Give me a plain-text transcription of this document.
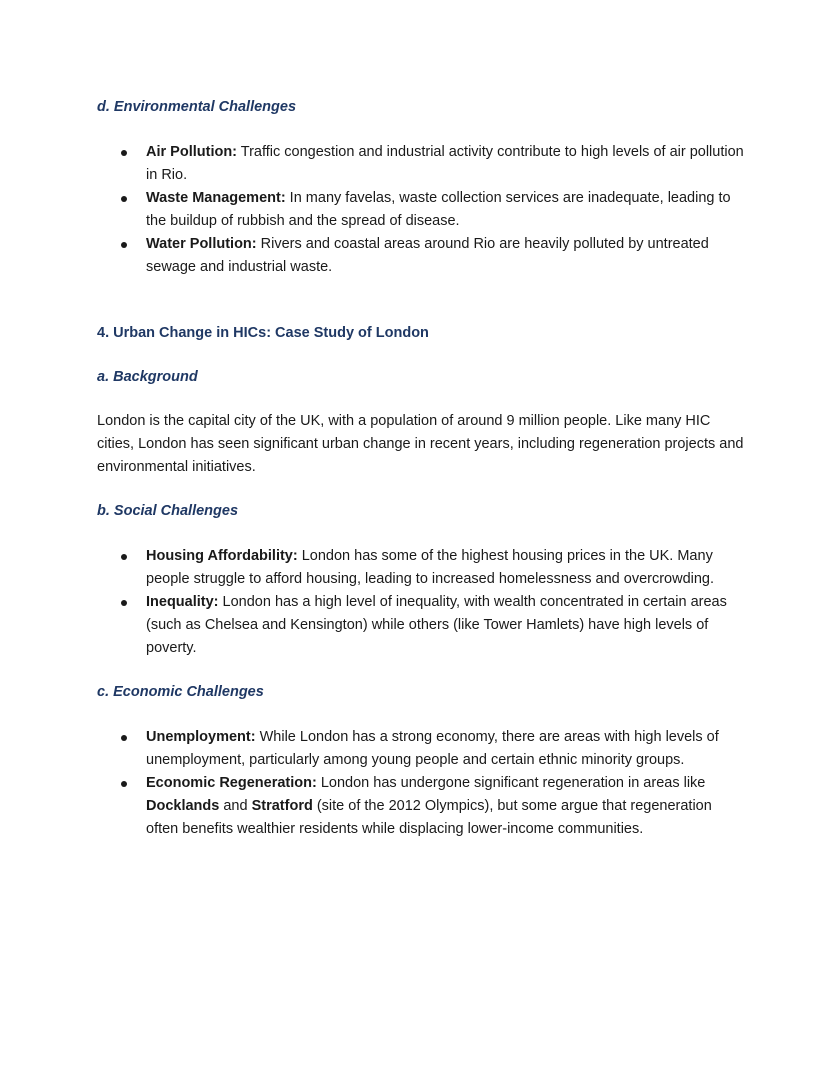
d. Environmental Challenges

Air Pollution: Traffic congestion and industrial activity contribute to high levels of air pollution in Rio.
Waste Management: In many favelas, waste collection services are inadequate, leading to the buildup of rubbish and the spread of disease.
Water Pollution: Rivers and coastal areas around Rio are heavily polluted by untreated sewage and industrial waste.

4. Urban Change in HICs: Case Study of London

a. Background

London is the capital city of the UK, with a population of around 9 million people. Like many HIC cities, London has seen significant urban change in recent years, including regeneration projects and environmental initiatives.

b. Social Challenges

Housing Affordability: London has some of the highest housing prices in the UK. Many people struggle to afford housing, leading to increased homelessness and overcrowding.
Inequality: London has a high level of inequality, with wealth concentrated in certain areas (such as Chelsea and Kensington) while others (like Tower Hamlets) have high levels of poverty.

c. Economic Challenges

Unemployment: While London has a strong economy, there are areas with high levels of unemployment, particularly among young people and certain ethnic minority groups.
Economic Regeneration: London has undergone significant regeneration in areas like Docklands and Stratford (site of the 2012 Olympics), but some argue that regeneration often benefits wealthier residents while displacing lower-income communities.
